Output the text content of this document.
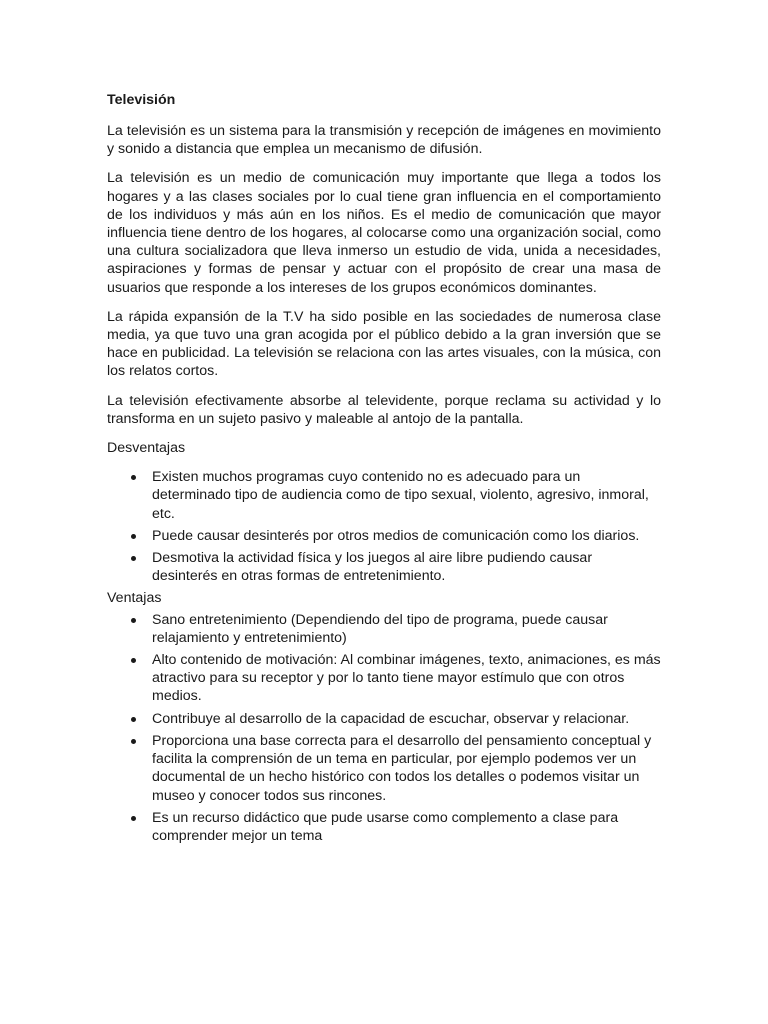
Televisión

La televisión es un sistema para la transmisión y recepción de imágenes en movimiento y sonido a distancia que emplea un mecanismo de difusión.

La televisión es un medio de comunicación muy importante que llega a todos los hogares y a las clases sociales por lo cual tiene gran influencia en el comportamiento de los individuos y más aún en los niños. Es el medio de comunicación que mayor influencia tiene dentro de los hogares, al colocarse como una organización social, como una cultura socializadora que lleva inmerso un estudio de vida, unida a necesidades, aspiraciones y formas de pensar y actuar con el propósito de crear una masa de usuarios que responde a los intereses de los grupos económicos dominantes.

La rápida expansión de la T.V ha sido posible en las sociedades de numerosa clase media, ya que tuvo una gran acogida por el público debido a la gran inversión que se hace en publicidad. La televisión se relaciona con las artes visuales, con la música, con los relatos cortos.

La televisión efectivamente absorbe al televidente, porque reclama su actividad y lo transforma en un sujeto pasivo y maleable al antojo de la pantalla.

Desventajas
Existen muchos programas cuyo contenido no es adecuado para un determinado tipo de audiencia como de tipo sexual, violento, agresivo, inmoral, etc.
Puede causar desinterés por otros medios de comunicación como los diarios.
Desmotiva la actividad física y los juegos al aire libre pudiendo causar desinterés en otras formas de entretenimiento.
Ventajas
Sano entretenimiento (Dependiendo del tipo de programa, puede causar relajamiento y entretenimiento)
Alto contenido de motivación: Al combinar imágenes, texto, animaciones, es más atractivo para su receptor y por lo tanto tiene mayor estímulo que con otros medios.
Contribuye al desarrollo de la capacidad de escuchar, observar y relacionar.
Proporciona una base correcta para el desarrollo del pensamiento conceptual y facilita la comprensión de un tema en particular, por ejemplo podemos ver un documental de un hecho histórico con todos los detalles o podemos visitar un museo y conocer todos sus rincones.
Es un recurso didáctico que pude usarse como complemento a clase para comprender mejor un tema
